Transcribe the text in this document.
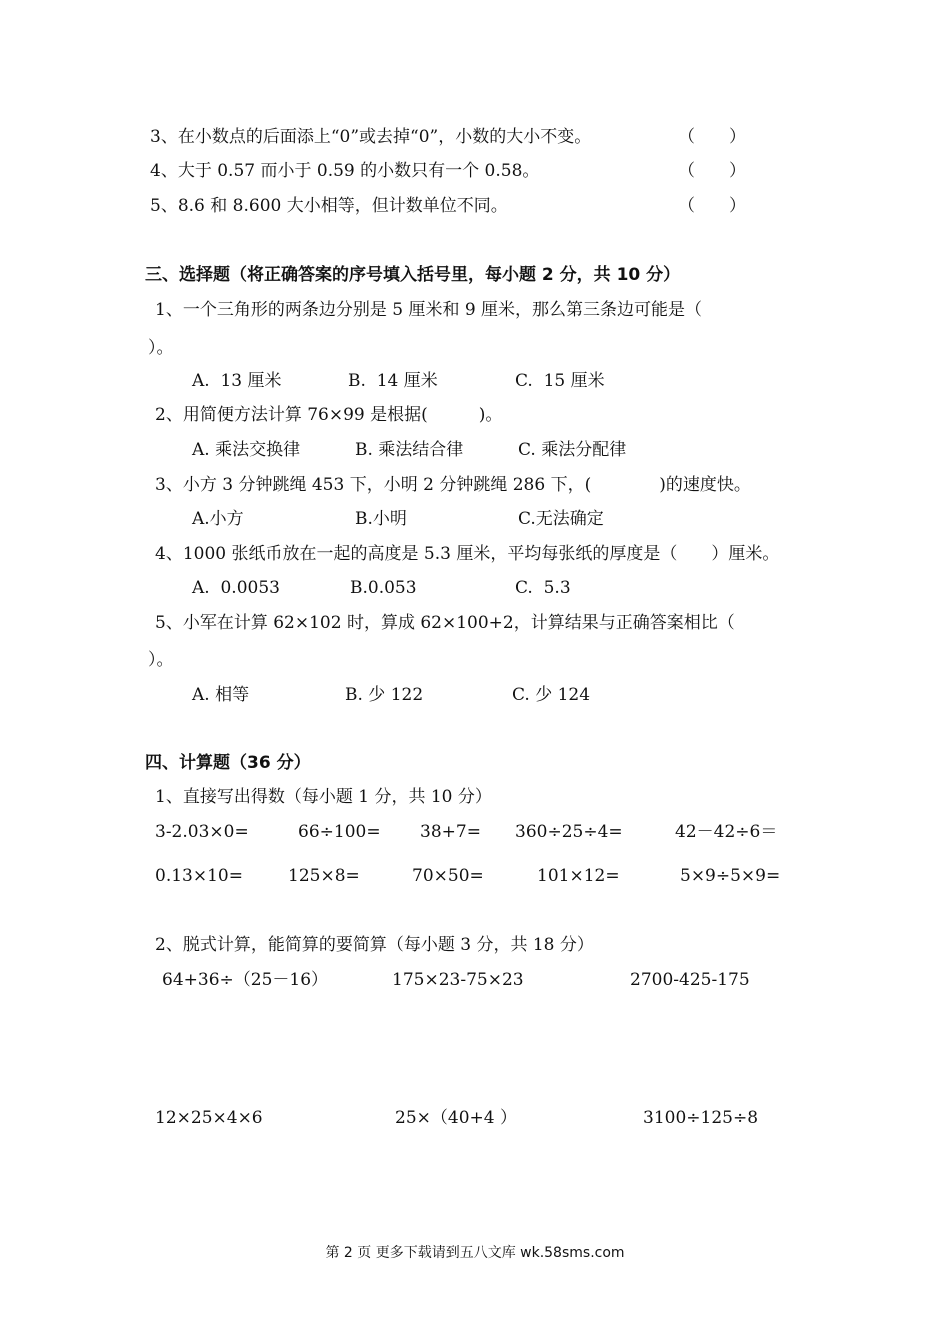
3、在小数点的后面添上“0”或去掉“0”，小数的大小不变。	（　　）
4、大于 0.57 而小于 0.59 的小数只有一个 0.58。	（　　）
5、8.6 和 8.600 大小相等，但计数单位不同。	（　　）
三、选择题（将正确答案的序号填入括号里，每小题 2 分，共 10 分）
1、一个三角形的两条边分别是 5 厘米和 9 厘米，那么第三条边可能是（
）。
A.  13 厘米	B.  14 厘米	C.  15 厘米
2、用简便方法计算 76×99 是根据(　　　)。
A. 乘法交换律	B. 乘法结合律	C. 乘法分配律
3、小方 3 分钟跳绳 453 下，小明 2 分钟跳绳 286 下，(　　　　)的速度快。
A.小方	B.小明	C.无法确定
4、1000 张纸币放在一起的高度是 5.3 厘米，平均每张纸的厚度是（　　）厘米。
A.  0.0053	B.0.053	C.  5.3
5、小军在计算 62×102 时，算成 62×100+2，计算结果与正确答案相比（
）。
A. 相等	B. 少 122	C. 少 124
四、计算题（36 分）
1、直接写出得数（每小题 1 分，共 10 分）
3-2.03×0=	66÷100= 38+7= 360÷25÷4=	42－42÷6＝
0.13×10=	125×8=	70×50=	101×12=	5×9÷5×9=
2、脱式计算，能简算的要简算（每小题 3 分，共 18 分）
64+36÷（25－16）	175×23-75×23	2700-425-175
12×25×4×6	25×（40+4 ）	3100÷125÷8
第 2 页 更多下载请到五八文库 wk.58sms.com
